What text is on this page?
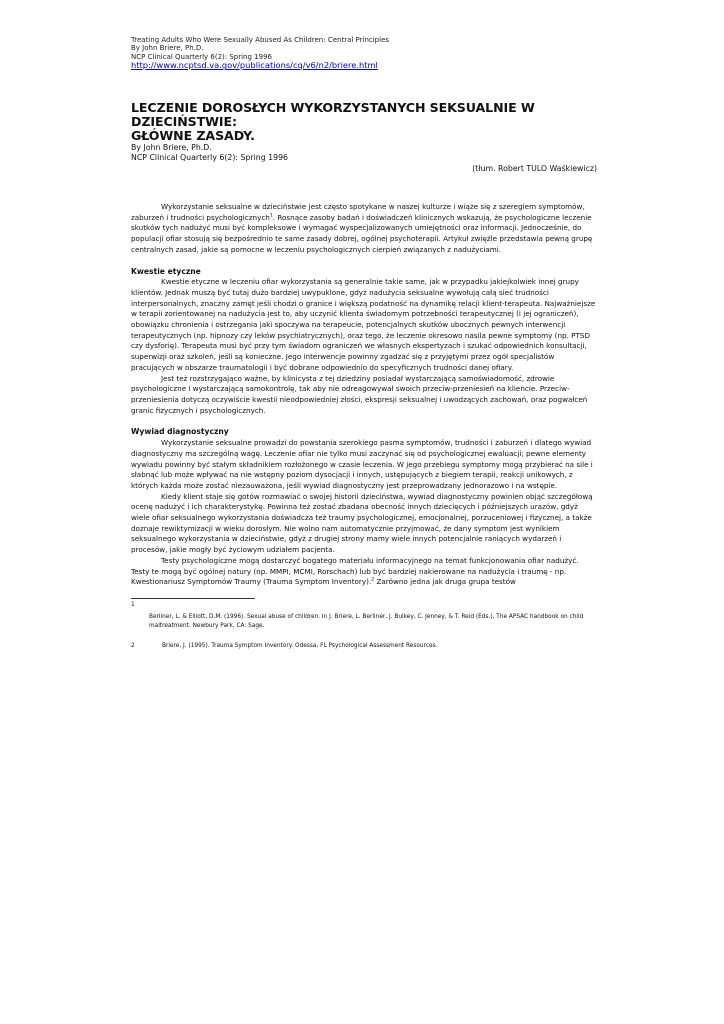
Treating Adults Who Were Sexually Abused As Children: Central Principles
By John Briere, Ph.D.
NCP Clinical Quarterly 6(2): Spring 1996
http://www.ncptsd.va.gov/publications/cq/v6/n2/briere.html
LECZENIE DOROSŁYCH WYKORZYSTANYCH SEKSUALNIE W DZIECIŃSTWIE:
GŁÓWNE ZASADY.
By John Briere, Ph.D.
NCP Clinical Quarterly 6(2): Spring 1996
(tłum. Robert TULO Waśkiewicz)

Wykorzystanie seksualne w dzieciństwie jest często spotykane w naszej kulturze i wiąże się z szeregiem symptomów, zaburzeń i trudności psychologicznych$^1$. Rosnące zasoby badań i doświadczeń klinicznych wskazują, że psychologiczne leczenie skutków tych nadużyć musi być kompleksowe i wymagać wyspecjalizowanych umiejętności oraz informacji. Jednocześnie, do populacji ofiar stosują się bezpośrednio te same zasady dobrej, ogólnej psychoterapii. Artykuł zwięźle przedstawia pewną grupę centralnych zasad, jakie są pomocne w leczeniu psychologicznych cierpień związanych z nadużyciami.

Kwestie etyczne

Kwestie etyczne w leczeniu ofiar wykorzystania są generalnie takie same, jak w przypadku jakiejkolwiek innej grupy klientów. Jednak muszą być tutaj dużo bardziej uwypuklone, gdyż nadużycia seksualne wywołują całą sieć trudności interpersonalnych, znaczny zamęt jeśli chodzi o granice i większą podatność na dynamikę relacji klient-terapeuta. Najważniejsze w terapii zorientowanej na nadużycia jest to, aby uczynić klienta świadomym potrzebności terapeutycznej (i jej ograniczeń), obowiązku chronienia i ostrzegania jaki spoczywa na terapeucie, potencjalnych skutków ubocznych pewnych interwencji terapeutycznych (np. hipnozy czy leków psychiatrycznych), oraz tego, że leczenie okresowo nasila pewne symptomy (np. PTSD czy dysforię). Terapeuta musi być przy tym świadom ograniczeń we własnych ekspertyzach i szukać odpowiednich konsultacji, superwizji oraz szkoleń, jeśli są konieczne. Jego interwencje powinny zgadzać się z przyjętymi przez ogół specjalistów pracujących w obszarze traumatologii i być dobrane odpowiednio do specyficznych trudności danej ofiary.

Jest też rozstrzygająco ważne, by klinicysta z tej dziedziny posiadał wystarczającą samoświadomość, zdrowie psychologiczne i wystarczającą samokontrolę, tak aby nie odreagowywał swoich przeciw-przeniesień na kliencie. Przeciw-przeniesienia dotyczą oczywiście kwestii nieodpowiedniej złości, ekspresji seksualnej i uwodzących zachowań, oraz pogwałceń granic fizycznych i psychologicznych.

Wywiad diagnostyczny

Wykorzystanie seksualne prowadzi do powstania szerokiego pasma symptomów, trudności i zaburzeń i dlatego wywiad diagnostyczny ma szczególną wagę. Leczenie ofiar nie tylko musi zaczynać się od psychologicznej ewaluacji; pewne elementy wywiadu powinny być stałym składnikiem rozłożonego w czasie leczenia. W jego przebiegu symptomy mogą przybierać na sile i słabnąć lub może wpływać na nie wstępny poziom dysocjacji i innych, ustępujących z biegiem terapii, reakcji unikowych, z których każda może zostać niezauważona, jeśli wywiad diagnostyczny jest przeprowadzany jednorazowo i na wstępie.

Kiedy klient staje się gotów rozmawiać o swojej historii dzieciństwa, wywiad diagnostyczny powinien objąć szczegółową ocenę nadużyć i ich charakterystykę. Powinna też zostać zbadana obecność innych dziecięcych i późniejszych urazów, gdyż wiele ofiar seksualnego wykorzystania doświadcza też traumy psychologicznej, emocjonalnej, porzuceniowej i fizycznej, a także doznaje rewiktymizacji w wieku dorosłym. Nie wolno nam automatycznie przyjmować, że dany symptom jest wynikiem seksualnego wykorzystania w dzieciństwie, gdyż z drugiej strony mamy wiele innych potencjalnie raniących wydarzeń i procesów, jakie mogły być życiowym udziałem pacjenta.

Testy psychologiczne mogą dostarczyć bogatego materiału informacyjnego na temat funkcjonowania ofiar nadużyć. Testy te mogą być ogólnej natury (np. MMPI, MCMI, Rorschach) lub być bardziej nakierowane na nadużycia i traumę - np. Kwestionariusz Symptomów Traumy (Trauma Symptom Inventory).$^2$ Zarówno jedna jak druga grupa testów

1
Berliner, L. & Elliott, D.M. (1996). Sexual abuse of children. In J. Briere, L. Berliner, J. Bulkey, C. Jenney, & T. Reid (Eds.), The APSAC handbook on child maltreatment. Newbury Park, CA: Sage.
2	Briere, J. (1995). Trauma Symptom Inventory. Odessa, FL Psychological Assessment Resources.
